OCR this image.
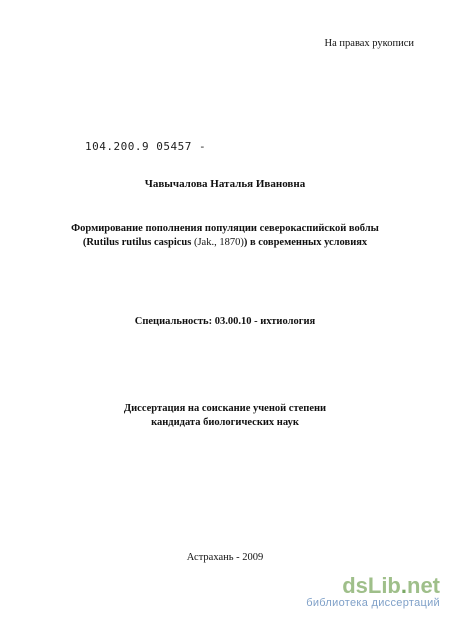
На правах рукописи
104.200.9 05457 -
Чавычалова Наталья Ивановна
Формирование пополнения популяции северокаспийской воблы
(Rutilus rutilus caspicus (Jak., 1870)) в современных условиях
Специальность: 03.00.10 - ихтиология
Диссертация на соискание ученой степени
кандидата биологических наук
Астрахань - 2009
dsLib.net
библиотека диссертаций
